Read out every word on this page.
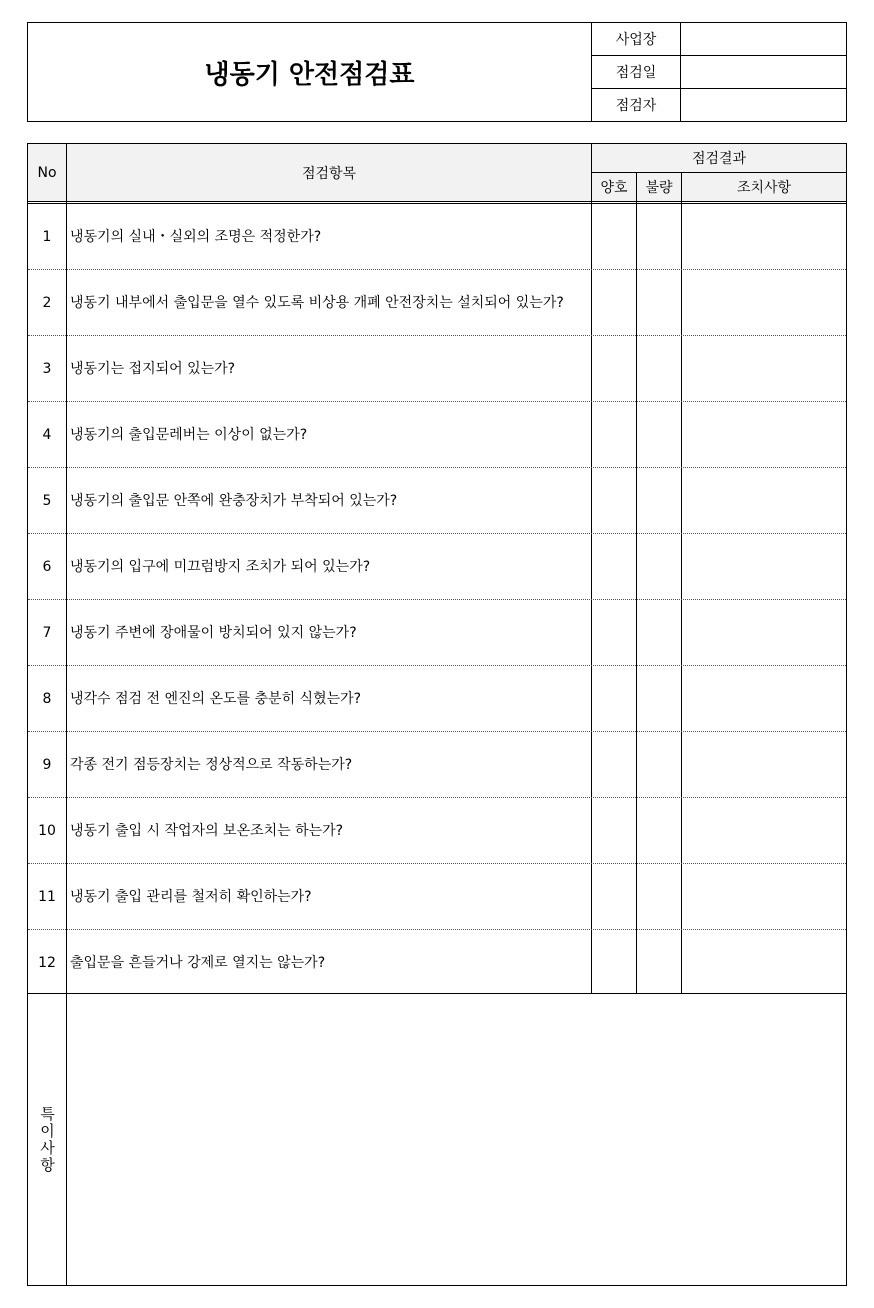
냉동기 안전점검표
사업장
점검일
점검자
No	점검항목
점검결과
양호	불량	조치사항
1	냉동기의 실내・실외의 조명은 적정한가?
2	냉동기 내부에서 출입문을 열수 있도록 비상용 개폐 안전장치는 설치되어 있는가?
3	냉동기는 접지되어 있는가?
4	냉동기의 출입문레버는 이상이 없는가?
5	냉동기의 출입문 안쪽에 완충장치가 부착되어 있는가?
6	냉동기의 입구에 미끄럼방지 조치가 되어 있는가?
7	냉동기 주변에 장애물이 방치되어 있지 않는가?
8	냉각수 점검 전 엔진의 온도를 충분히 식혔는가?
9	각종 전기 점등장치는 정상적으로 작동하는가?
10	냉동기 출입 시 작업자의 보온조치는 하는가?
11	냉동기 출입 관리를 철저히 확인하는가?
12	출입문을 흔들거나 강제로 열지는 않는가?
특이사항
